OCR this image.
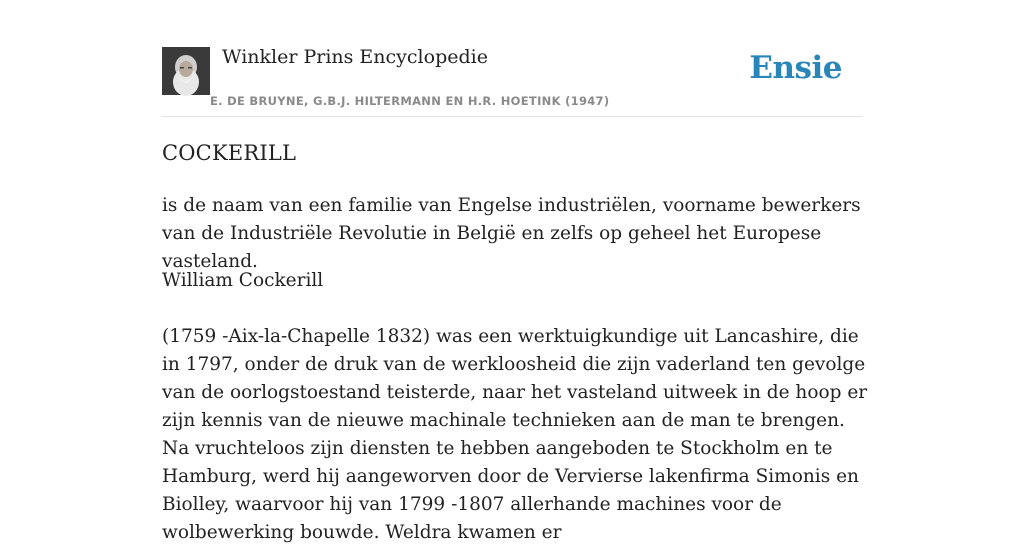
Winkler Prins Encyclopedie
E. DE BRUYNE, G.B.J. HILTERMANN EN H.R. HOETINK (1947)
Ensie
COCKERILL

is de naam van een familie van Engelse industriëlen, voorname bewerkers van de Industriële Revolutie in België en zelfs op geheel het Europese vasteland.

William Cockerill

(1759 -Aix-la-Chapelle 1832) was een werktuigkundige uit Lancashire, die in 1797, onder de druk van de werkloosheid die zijn vaderland ten gevolge van de oorlogstoestand teisterde, naar het vasteland uitweek in de hoop er zijn kennis van de nieuwe machinale technieken aan de man te brengen. Na vruchteloos zijn diensten te hebben aangeboden te Stockholm en te Hamburg, werd hij aangeworven door de Vervierse lakenfirma Simonis en Biolley, waarvoor hij van 1799 -1807 allerhande machines voor de wolbewerking bouwde. Weldra kwamen er
